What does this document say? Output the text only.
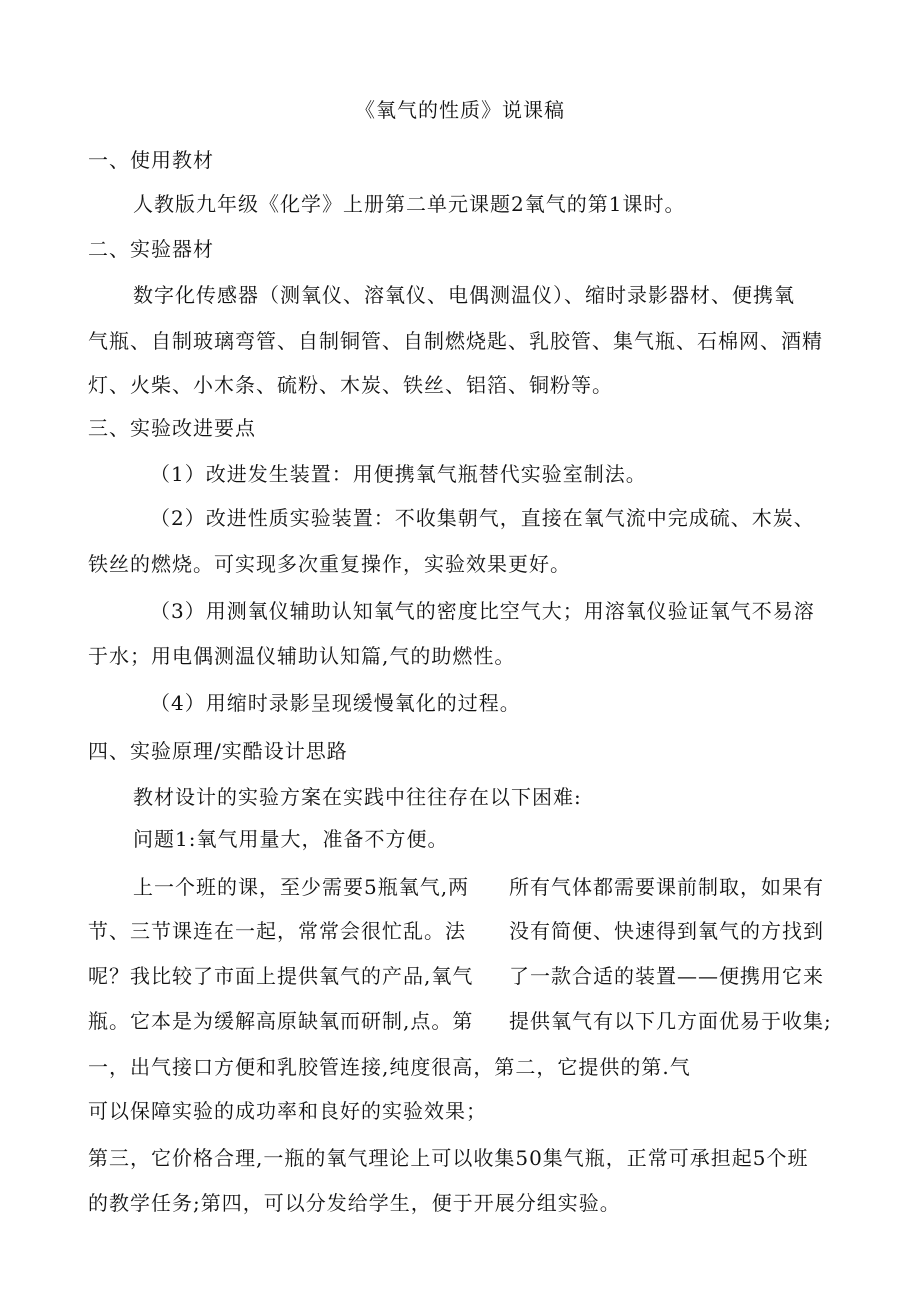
《氧气的性质》说课稿
一、使用教材
人教版九年级《化学》上册第二单元课题2氧气的第1课时。
二、实验器材
数字化传感器（测氧仪、溶氧仪、电偶测温仪）、缩时录影器材、便携氧
气瓶、自制玻璃弯管、自制铜管、自制燃烧匙、乳胶管、集气瓶、石棉网、酒精
灯、火柴、小木条、硫粉、木炭、铁丝、铝箔、铜粉等。
三、实验改进要点
（1）改进发生装置：用便携氧气瓶替代实验室制法。
（2）改进性质实验装置：不收集朝气，直接在氧气流中完成硫、木炭、
铁丝的燃烧。可实现多次重复操作，实验效果更好。
（3）用测氧仪辅助认知氧气的密度比空气大；用溶氧仪验证氧气不易溶
于水；用电偶测温仪辅助认知篇,气的助燃性。
（4）用缩时录影呈现缓慢氧化的过程。
四、实验原理/实酷设计思路
教材设计的实验方案在实践中往往存在以下困难:
问题1:氧气用量大，准备不方便。
上一个班的课，至少需要5瓶氧气,两
节、三节课连在一起，常常会很忙乱。法
呢？我比较了市面上提供氧气的产品,氧气
瓶。它本是为缓解高原缺氧而研制,点。第
所有气体都需要课前制取，如果有
没有简便、快速得到氧气的方找到
了一款合适的装置——便携用它来
提供氧气有以下几方面优易于收集;
一，出气接口方便和乳胶管连接,纯度很高，第二，它提供的第.气
可以保障实验的成功率和良好的实验效果；
第三，它价格合理,一瓶的氧气理论上可以收集50集气瓶，正常可承担起5个班
的教学任务;第四，可以分发给学生，便于开展分组实验。
